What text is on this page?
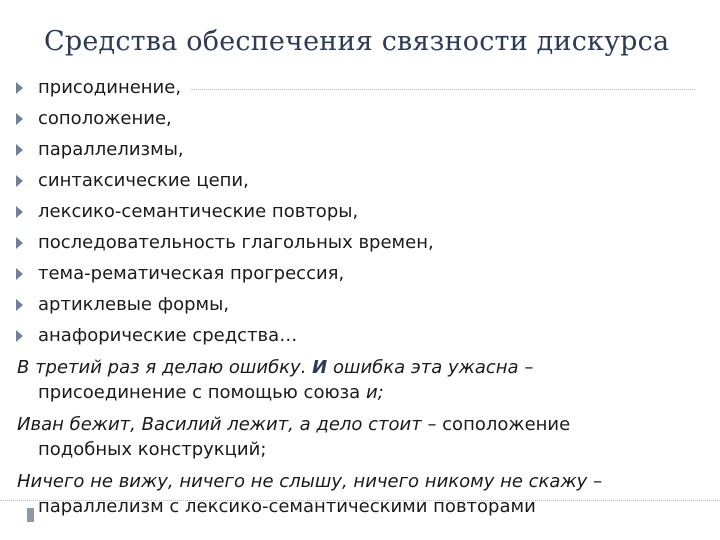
Средства обеспечения связности дискурса
присодинение,
соположение,
параллелизмы,
синтаксические цепи,
лексико-семантические повторы,
последовательность глагольных времен,
тема-рематическая прогрессия,
артиклевые формы,
анафорические средства…

В третий раз я делаю ошибку. И ошибка эта ужасна –
присоединение с помощью союза и;

Иван бежит, Василий лежит, а дело стоит – соположение
подобных конструкций;

Ничего не вижу, ничего не слышу, ничего никому не скажу –
параллелизм с лексико-семантическими повторами
